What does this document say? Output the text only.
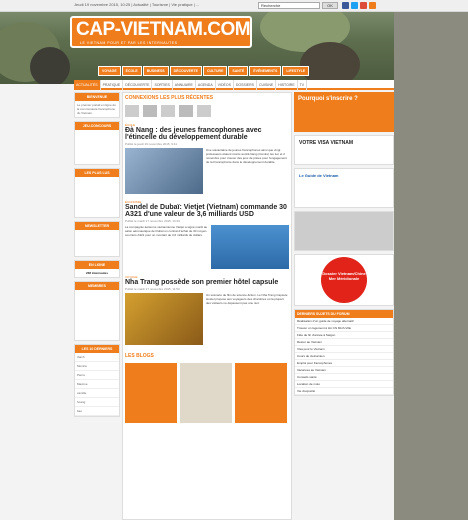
Jeudi 19 novembre 2015, 10:25 | Actualité | Tourisme | Vie pratique | ...	Recherche	OK
CAP-VIETNAM.COM
LE VIETNAM POUR ET PAR LES INTERNAUTES
VOYAGE	ÉCOLE	BUSINESS	DÉCOUVERTE	CULTURE	SANTÉ	ÉVÉNEMENTS	LIFESTYLE
ACTUALITÉS PRATIQUE DÉCOUVERTE SORTIES ANNUAIRE AGENDA VIDÉOS DOSSIERS CUISINE HISTOIRE TV
BIENVENUE

Le premier portail en ligne de la communauté francophone du Vietnam.

JEU-CONCOURS
LES PLUS LUS
NEWSLETTER
EN LIGNE

238 internautes

MEMBRES
LES 10 DERNIERS

thanh

Monica

Pierre

Maxime

camille

hoang

bao

CONNEXIONS LES PLUS RÉCENTES
ÉCOLE
Đà Nang : des jeunes francophones avec l'étincelle du développement durable
Publié le jeudi 19 novembre 2015, 9:41
Une soixantaine de jeunes francophones ainsi que vingt professeurs étaient réunis au Đà Nang (Centre) les 1er et 2 novembre pour trouver des jeux de pistes pour l'engagement de la Francophonie dans le développement durable.
ÉCONOMIE
Sandel de Dubaï: Vietjet (Vietnam) commande 30 A321 d'une valeur de 3,6 milliards USD
Publié le mardi 17 novembre 2015, 10:29
La compagnie aérienne vietnamienne Vietjet a signé mardi au salon aéronautique de Dubaï un contrat d'achat de 30 moyen-courriers A321 pour un montant de 3,6 milliards de dollars.
VOYAGE
Nha Trang possède son premier hôtel capsule
Publié le mardi 17 novembre 2015, 11:53
Un scénario de film de science-fiction. Le Nha Trang Capsule Hostel propose aux voyageurs des chambres où la plupart des visiteurs ne dépassent pas une nuit.
LES BLOGS
Pourquoi s'inscrire ?
VOTRE VISA VIETNAM
Le Guide de Vietnam
Dossier Vietnam/Chine Mer Méridionale
DERNIERS SUJETS DU FORUM
Réalisation d'un guide de voyage alternatif
Trouver un logement à Hô Chi Minh-Ville
Fête de fin d'année à Saigon
Retour au Vietnam
Visa pour le Vietnam
Cours de vietnamien
Emploi pour francophones
Vacances au Vietnam
Conseils santé
Location de moto
Vie d'expatrié
